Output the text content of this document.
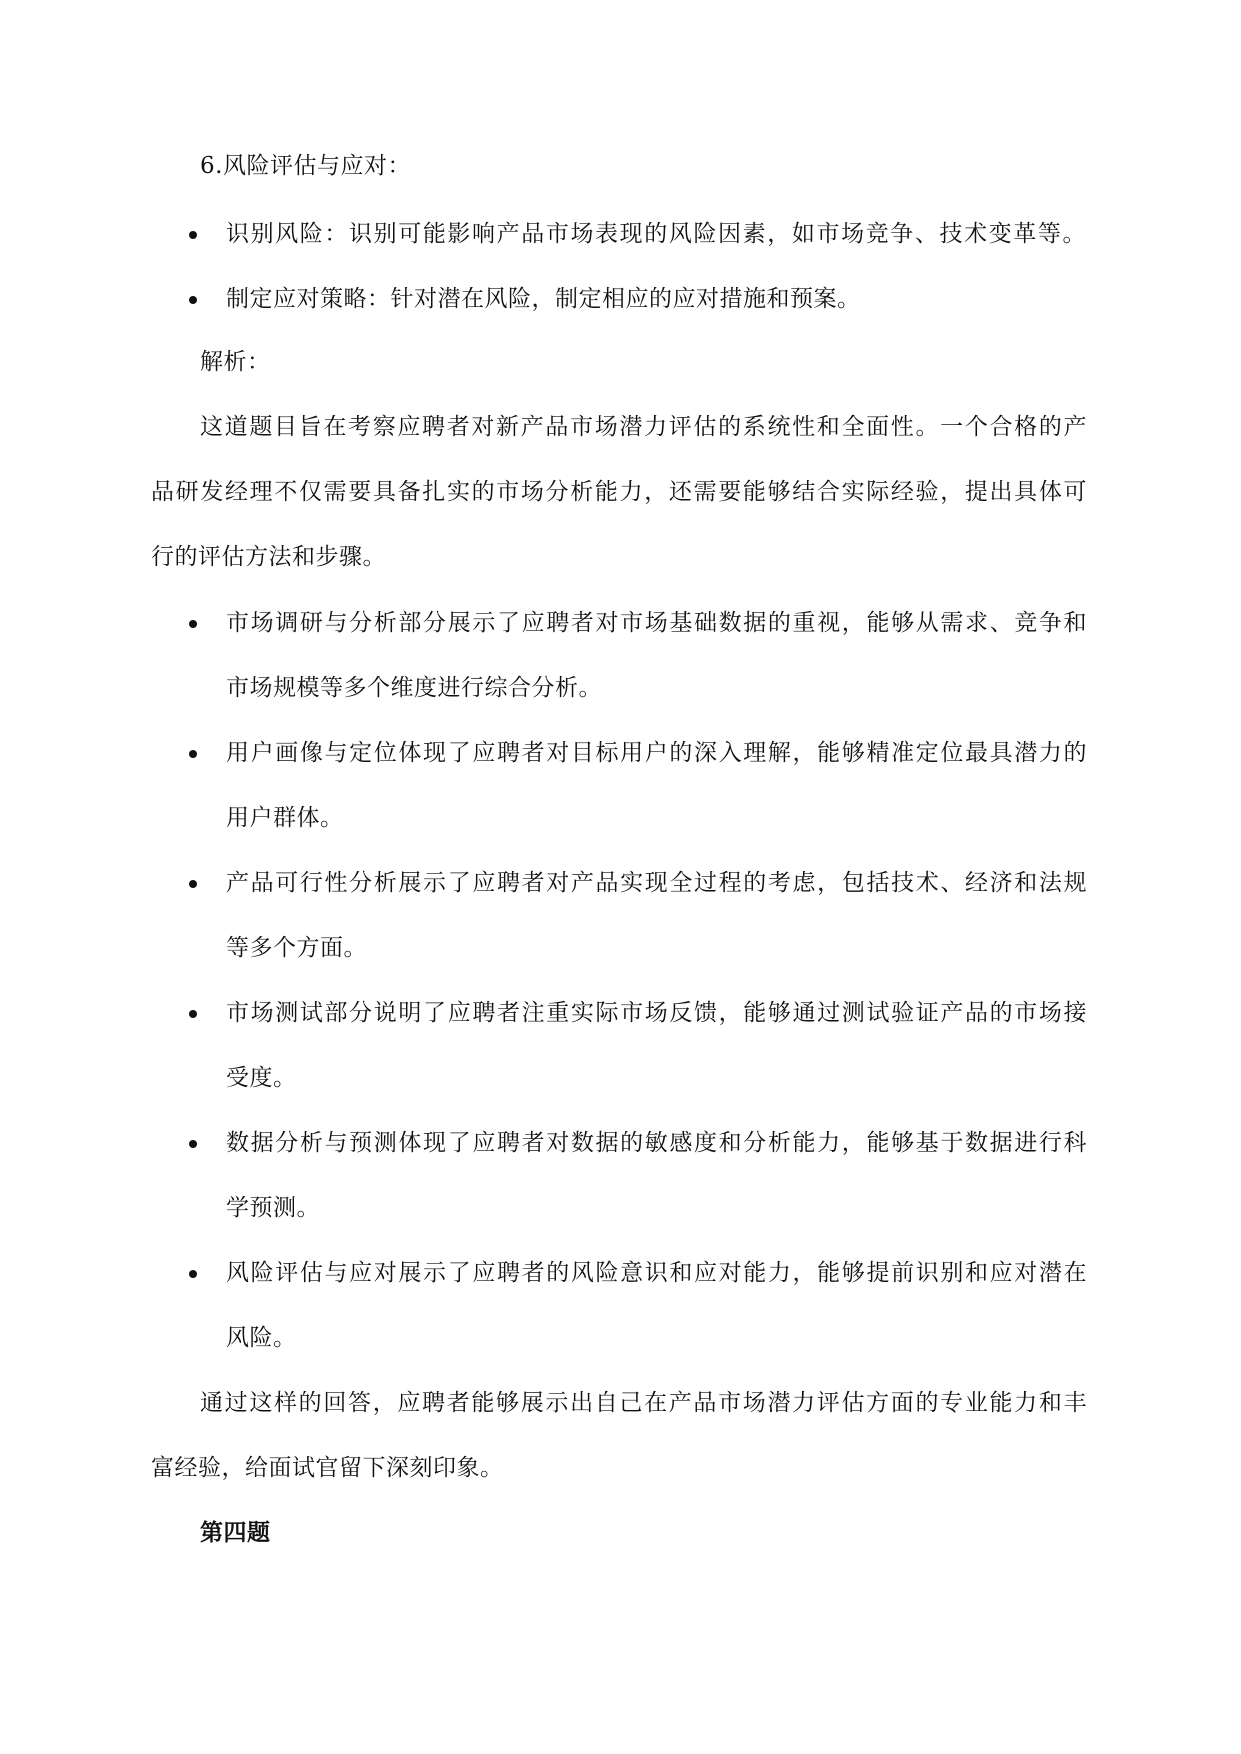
6.风险评估与应对：
识别风险：识别可能影响产品市场表现的风险因素，如市场竞争、技术变革等。
制定应对策略：针对潜在风险，制定相应的应对措施和预案。
解析：
这道题目旨在考察应聘者对新产品市场潜力评估的系统性和全面性。一个合格的产
品研发经理不仅需要具备扎实的市场分析能力，还需要能够结合实际经验，提出具体可
行的评估方法和步骤。
市场调研与分析部分展示了应聘者对市场基础数据的重视，能够从需求、竞争和
市场规模等多个维度进行综合分析。
用户画像与定位体现了应聘者对目标用户的深入理解，能够精准定位最具潜力的
用户群体。
产品可行性分析展示了应聘者对产品实现全过程的考虑，包括技术、经济和法规
等多个方面。
市场测试部分说明了应聘者注重实际市场反馈，能够通过测试验证产品的市场接
受度。
数据分析与预测体现了应聘者对数据的敏感度和分析能力，能够基于数据进行科
学预测。
风险评估与应对展示了应聘者的风险意识和应对能力，能够提前识别和应对潜在
风险。
通过这样的回答，应聘者能够展示出自己在产品市场潜力评估方面的专业能力和丰
富经验，给面试官留下深刻印象。
第四题
